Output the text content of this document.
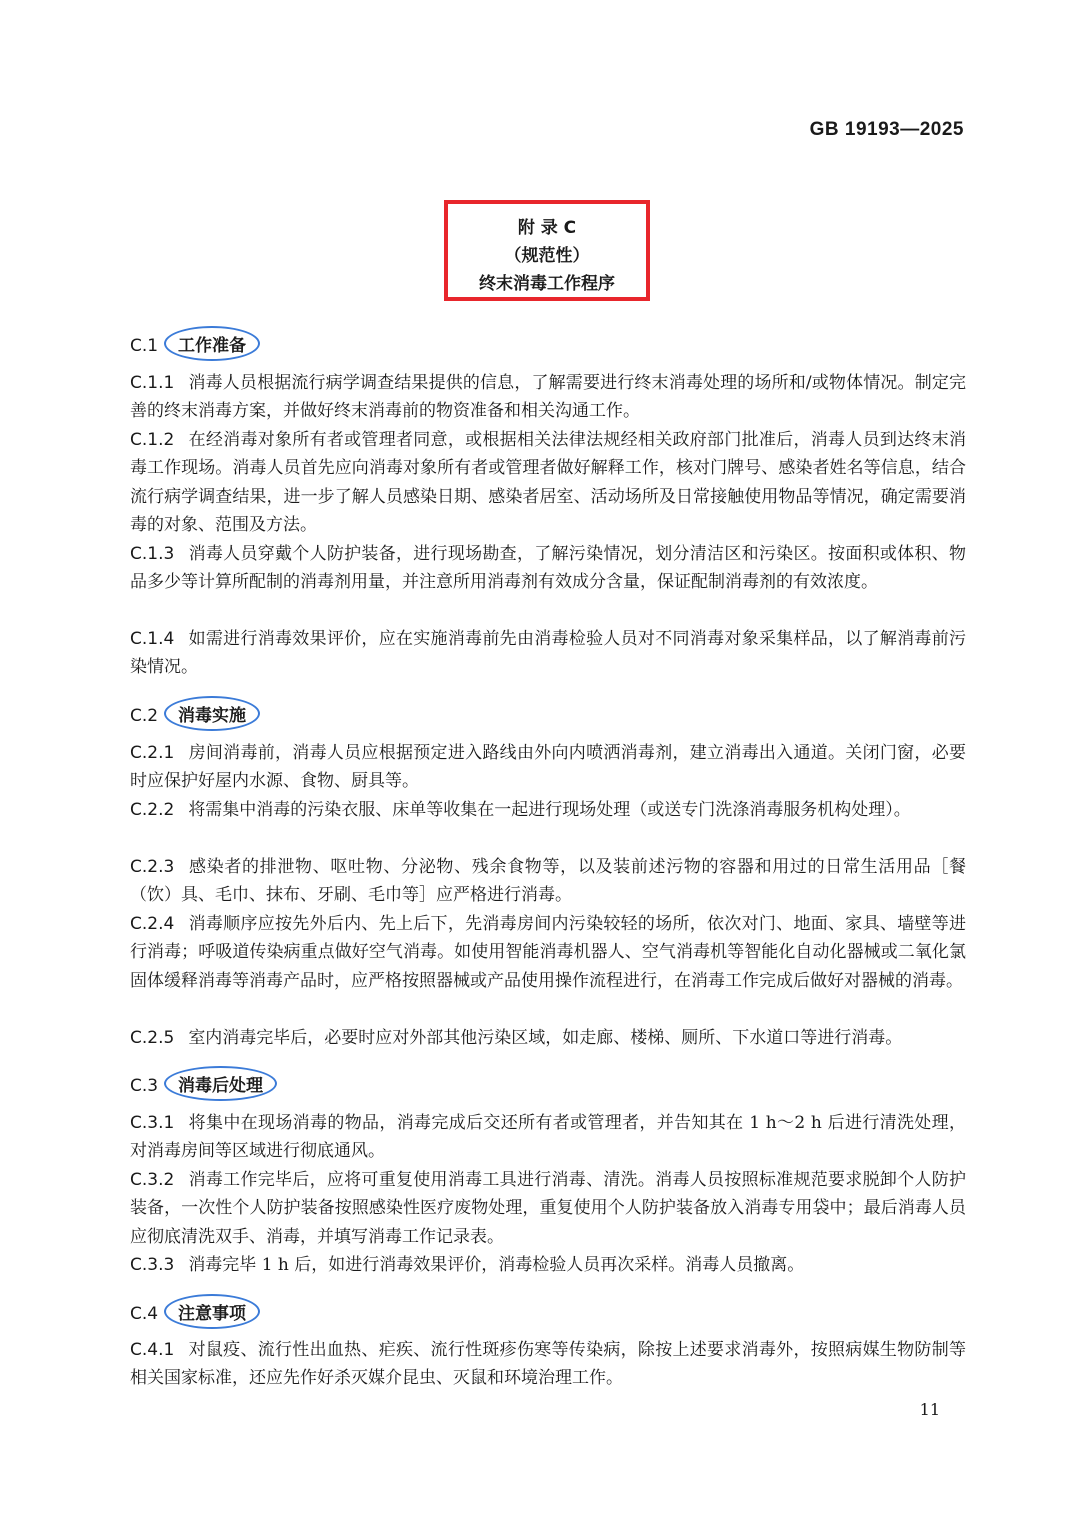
GB 19193—2025
附 录 C
（规范性）
终末消毒工作程序
C.1 工作准备
C.1.1 消毒人员根据流行病学调查结果提供的信息，了解需要进行终末消毒处理的场所和/或物体情况。制定完善的终末消毒方案，并做好终末消毒前的物资准备和相关沟通工作。
C.1.2 在经消毒对象所有者或管理者同意，或根据相关法律法规经相关政府部门批准后，消毒人员到达终末消毒工作现场。消毒人员首先应向消毒对象所有者或管理者做好解释工作，核对门牌号、感染者姓名等信息，结合流行病学调查结果，进一步了解人员感染日期、感染者居室、活动场所及日常接触使用物品等情况，确定需要消毒的对象、范围及方法。
C.1.3 消毒人员穿戴个人防护装备，进行现场勘查，了解污染情况，划分清洁区和污染区。按面积或体积、物品多少等计算所配制的消毒剂用量，并注意所用消毒剂有效成分含量，保证配制消毒剂的有效浓度。
C.1.4 如需进行消毒效果评价，应在实施消毒前先由消毒检验人员对不同消毒对象采集样品，以了解消毒前污染情况。
C.2 消毒实施
C.2.1 房间消毒前，消毒人员应根据预定进入路线由外向内喷洒消毒剂，建立消毒出入通道。关闭门窗，必要时应保护好屋内水源、食物、厨具等。
C.2.2 将需集中消毒的污染衣服、床单等收集在一起进行现场处理（或送专门洗涤消毒服务机构处理）。
C.2.3 感染者的排泄物、呕吐物、分泌物、残余食物等，以及装前述污物的容器和用过的日常生活用品［餐（饮）具、毛巾、抹布、牙刷、毛巾等］应严格进行消毒。
C.2.4 消毒顺序应按先外后内、先上后下，先消毒房间内污染较轻的场所，依次对门、地面、家具、墙壁等进行消毒；呼吸道传染病重点做好空气消毒。如使用智能消毒机器人、空气消毒机等智能化自动化器械或二氧化氯固体缓释消毒等消毒产品时，应严格按照器械或产品使用操作流程进行，在消毒工作完成后做好对器械的消毒。
C.2.5 室内消毒完毕后，必要时应对外部其他污染区域，如走廊、楼梯、厕所、下水道口等进行消毒。
C.3 消毒后处理
C.3.1 将集中在现场消毒的物品，消毒完成后交还所有者或管理者，并告知其在 1 h～2 h 后进行清洗处理，对消毒房间等区域进行彻底通风。
C.3.2 消毒工作完毕后，应将可重复使用消毒工具进行消毒、清洗。消毒人员按照标准规范要求脱卸个人防护装备，一次性个人防护装备按照感染性医疗废物处理，重复使用个人防护装备放入消毒专用袋中；最后消毒人员应彻底清洗双手、消毒，并填写消毒工作记录表。
C.3.3 消毒完毕 1 h 后，如进行消毒效果评价，消毒检验人员再次采样。消毒人员撤离。
C.4 注意事项
C.4.1 对鼠疫、流行性出血热、疟疾、流行性斑疹伤寒等传染病，除按上述要求消毒外，按照病媒生物防制等相关国家标准，还应先作好杀灭媒介昆虫、灭鼠和环境治理工作。
11
